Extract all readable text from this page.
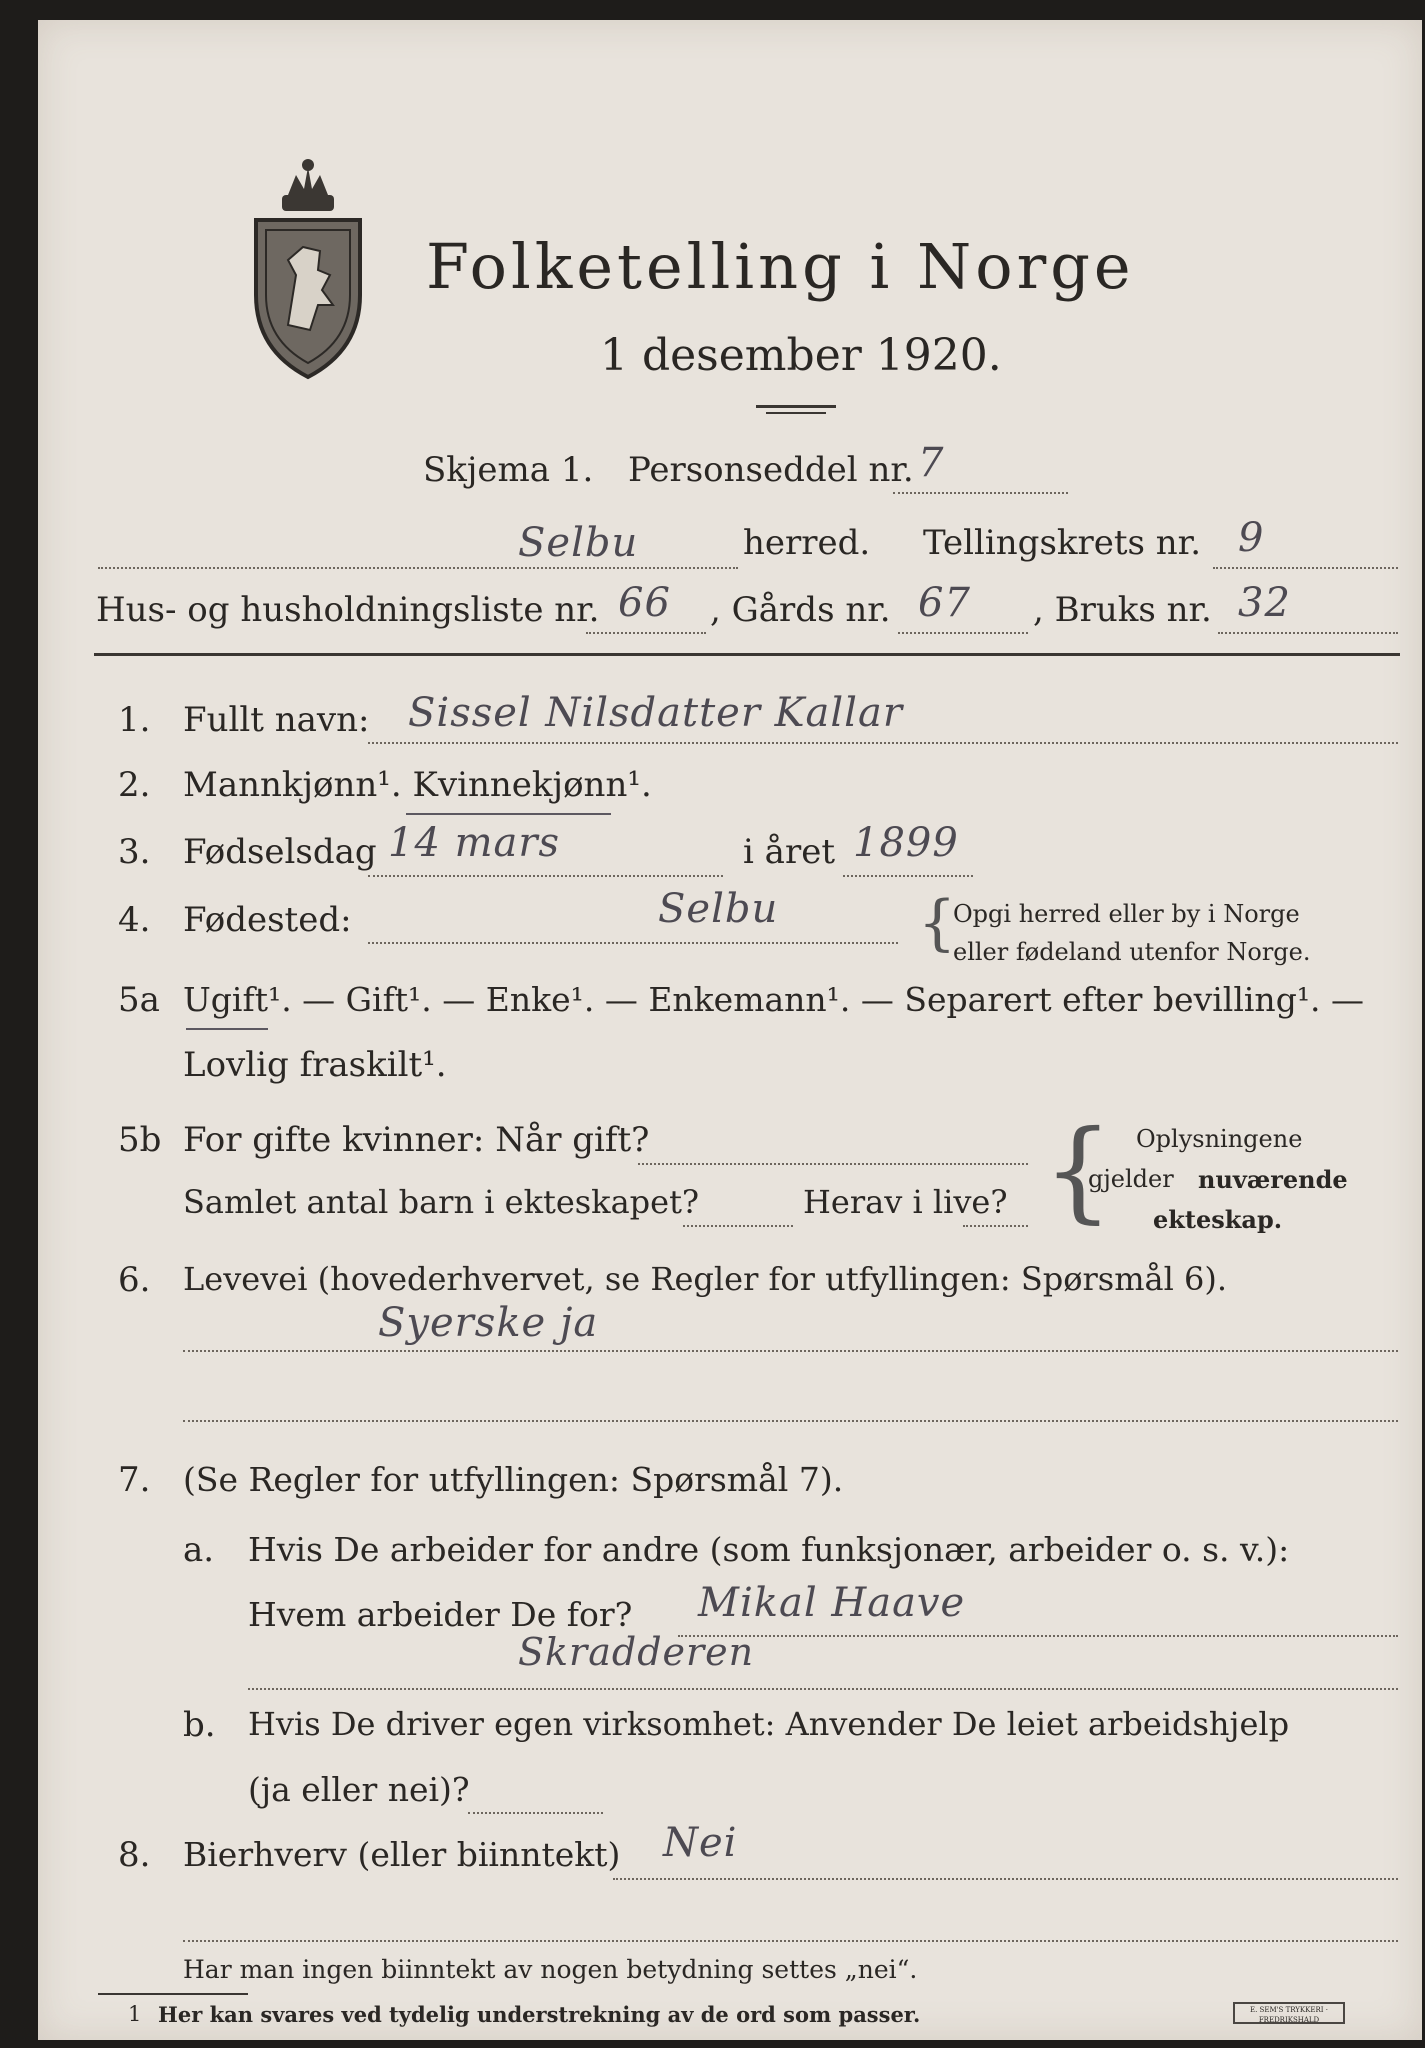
Folketelling i Norge
1 desember 1920.
Skjema 1. Personseddel nr. 7
Selbu	herred. Tellingskrets nr. 9
Hus- og husholdningsliste nr. 66 , Gårds nr. 67 , Bruks nr. 32
1. Fullt navn: Sissel Nilsdatter Kallar
2. Mannkjønn¹. Kvinnekjønn¹.
3. Fødselsdag 14 mars	i året 1899
4. Fødested:	Selbu {
Opgi herred eller by i Norge
eller fødeland utenfor Norge.
5a Ugift¹. — Gift¹. — Enke¹. — Enkemann¹. — Separert efter bevilling¹. —
Lovlig fraskilt¹.
5b For gifte kvinner: Når gift?
Samlet antal barn i ekteskapet?	Herav i live? { Oplysningene
gjelder nuværende
ekteskap.
6. Levevei (hovederhvervet, se Regler for utfyllingen: Spørsmål 6).
Syerske ja
7. (Se Regler for utfyllingen: Spørsmål 7).
a. Hvis De arbeider for andre (som funksjonær, arbeider o. s. v.):
Hvem arbeider De for? Mikal Haave
Skradderen
b. Hvis De driver egen virksomhet: Anvender De leiet arbeidshjelp
(ja eller nei)?
8. Bierhverv (eller biinntekt) Nei
Har man ingen biinntekt av nogen betydning settes „nei“.
1 Her kan svares ved tydelig understrekning av de ord som passer.	E. SEM'S TRYKKERI · FREDRIKSHALD
